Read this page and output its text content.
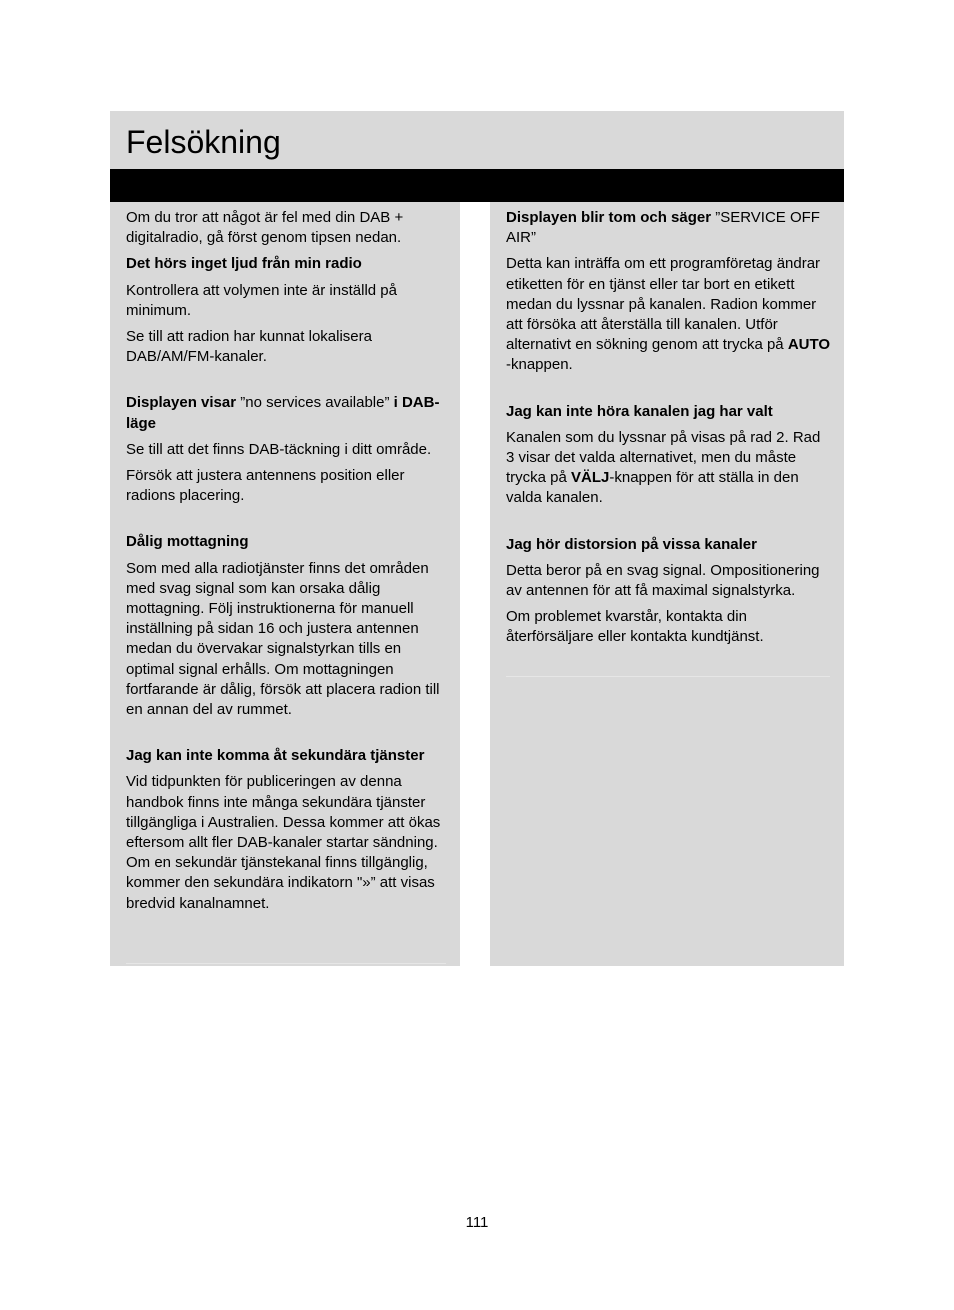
Felsökning

Om du tror att något är fel med din DAB + digitalradio, gå först genom tipsen nedan.

Det hörs inget ljud från min radio

Kontrollera att volymen inte är inställd på minimum.

Se till att radion har kunnat lokalisera DAB/AM/FM-kanaler.

Displayen visar ”no services available” i DAB-läge

Se till att det finns DAB-täckning i ditt område.

Försök att justera antennens position eller radions placering.

Dålig mottagning

Som med alla radiotjänster finns det områden med svag signal som kan orsaka dålig mottagning. Följ instruktionerna för manuell inställning på sidan 16 och justera antennen medan du övervakar signalstyrkan tills en optimal signal erhålls. Om mottagningen fortfarande är dålig, försök att placera radion till en annan del av rummet.

Jag kan inte komma åt sekundära tjänster

Vid tidpunkten för publiceringen av denna handbok finns inte många sekundära tjänster tillgängliga i Australien. Dessa kommer att ökas eftersom allt fler DAB-kanaler startar sändning. Om en sekundär tjänstekanal finns tillgänglig, kommer den sekundära indikatorn "»” att visas bredvid kanalnamnet.

Displayen blir tom och säger ”SERVICE OFF AIR”

Detta kan inträffa om ett programföretag ändrar etiketten för en tjänst eller tar bort en etikett medan du lyssnar på kanalen. Radion kommer att försöka att återställa till kanalen. Utför alternativt en sökning genom att trycka på AUTO -knappen.

Jag kan inte höra kanalen jag har valt

Kanalen som du lyssnar på visas på rad 2. Rad 3 visar det valda alternativet, men du måste trycka på VÄLJ-knappen för att ställa in den valda kanalen.

Jag hör distorsion på vissa kanaler

Detta beror på en svag signal. Ompositionering av antennen för att få maximal signalstyrka.

Om problemet kvarstår, kontakta din återförsäljare eller kontakta kundtjänst.

111
